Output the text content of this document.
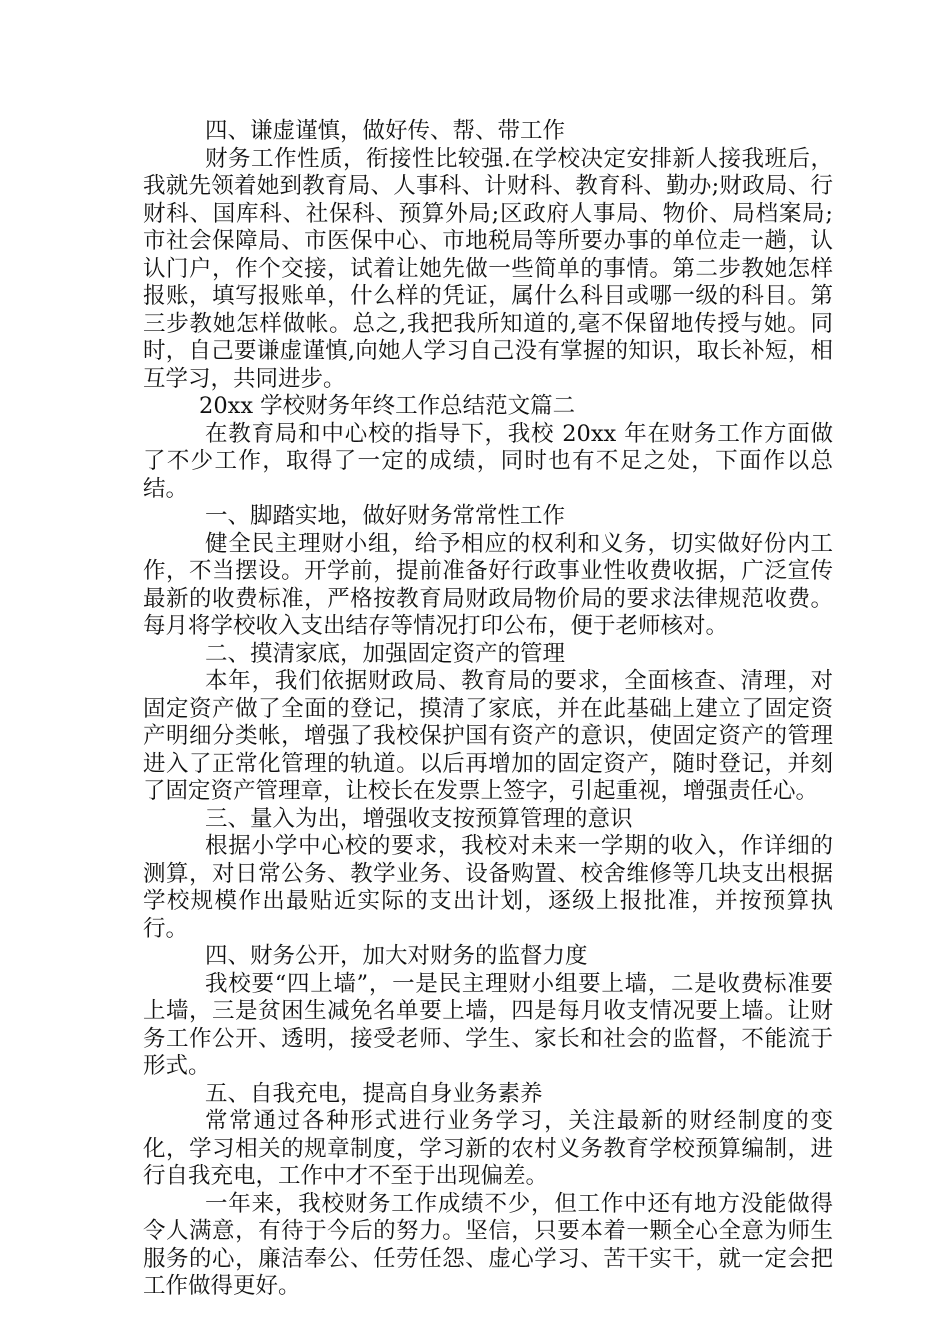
四、谦虚谨慎，做好传、帮、带工作

财务工作性质，衔接性比较强.在学校决定安排新人接我班后，我就先领着她到教育局、人事科、计财科、教育科、勤办;财政局、行财科、国库科、社保科、预算外局;区政府人事局、物价、局档案局;市社会保障局、市医保中心、市地税局等所要办事的单位走一趟，认认门户，作个交接，试着让她先做一些简单的事情。第二步教她怎样报账，填写报账单，什么样的凭证，属什么科目或哪一级的科目。第三步教她怎样做帐。总之,我把我所知道的,毫不保留地传授与她。同时，自己要谦虚谨慎,向她人学习自己没有掌握的知识，取长补短，相互学习，共同进步。

20xx 学校财务年终工作总结范文篇二

在教育局和中心校的指导下，我校 20xx 年在财务工作方面做了不少工作，取得了一定的成绩，同时也有不足之处，下面作以总结。

一、脚踏实地，做好财务常常性工作

健全民主理财小组，给予相应的权利和义务，切实做好份内工作，不当摆设。开学前，提前准备好行政事业性收费收据，广泛宣传最新的收费标准，严格按教育局财政局物价局的要求法律规范收费。每月将学校收入支出结存等情况打印公布，便于老师核对。

二、摸清家底，加强固定资产的管理

本年，我们依据财政局、教育局的要求，全面核查、清理，对固定资产做了全面的登记，摸清了家底，并在此基础上建立了固定资产明细分类帐，增强了我校保护国有资产的意识，使固定资产的管理进入了正常化管理的轨道。以后再增加的固定资产，随时登记，并刻了固定资产管理章，让校长在发票上签字，引起重视，增强责任心。

三、量入为出，增强收支按预算管理的意识

根据小学中心校的要求，我校对未来一学期的收入，作详细的测算，对日常公务、教学业务、设备购置、校舍维修等几块支出根据学校规模作出最贴近实际的支出计划，逐级上报批准，并按预算执行。

四、财务公开，加大对财务的监督力度

我校要“四上墙”，一是民主理财小组要上墙，二是收费标准要上墙，三是贫困生减免名单要上墙，四是每月收支情况要上墙。让财务工作公开、透明，接受老师、学生、家长和社会的监督，不能流于形式。

五、自我充电，提高自身业务素养

常常通过各种形式进行业务学习，关注最新的财经制度的变化，学习相关的规章制度，学习新的农村义务教育学校预算编制，进行自我充电，工作中才不至于出现偏差。

一年来，我校财务工作成绩不少，但工作中还有地方没能做得令人满意，有待于今后的努力。坚信，只要本着一颗全心全意为师生服务的心，廉洁奉公、任劳任怨、虚心学习、苦干实干，就一定会把工作做得更好。
